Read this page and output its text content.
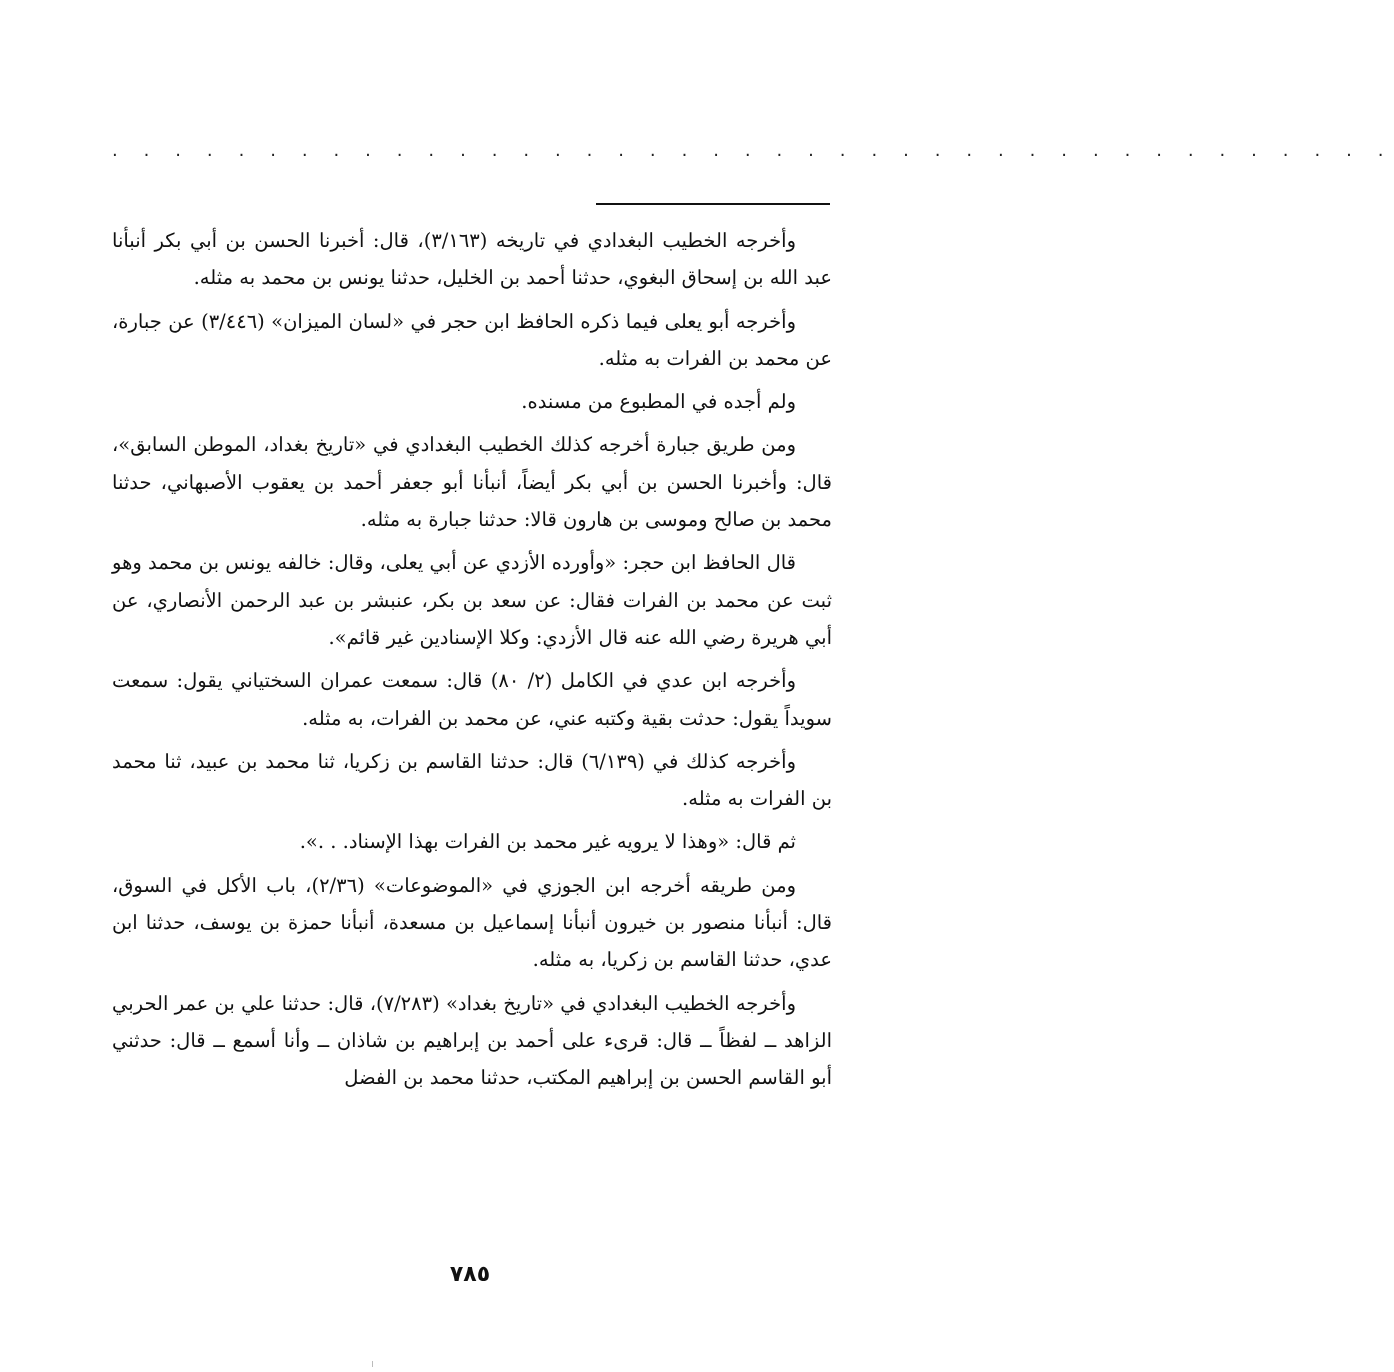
. . . . . . . . . . . . . . . . . . . . . . . . . . . . . . . . . . . . . . . . .

وأخرجه الخطيب البغدادي في تاريخه (٣/١٦٣)، قال: أخبرنا الحسن بن أبي بكر أنبأنا عبد الله بن إسحاق البغوي، حدثنا أحمد بن الخليل، حدثنا يونس بن محمد به مثله.

وأخرجه أبو يعلى فيما ذكره الحافظ ابن حجر في «لسان الميزان» (٣/٤٤٦) عن جبارة، عن محمد بن الفرات به مثله.

ولم أجده في المطبوع من مسنده.

ومن طريق جبارة أخرجه كذلك الخطيب البغدادي في «تاريخ بغداد، الموطن السابق»، قال: وأخبرنا الحسن بن أبي بكر أيضاً، أنبأنا أبو جعفر أحمد بن يعقوب الأصبهاني، حدثنا محمد بن صالح وموسى بن هارون قالا: حدثنا جبارة به مثله.

قال الحافظ ابن حجر: «وأورده الأزدي عن أبي يعلى، وقال: خالفه يونس بن محمد وهو ثبت عن محمد بن الفرات فقال: عن سعد بن بكر، عنبشر بن عبد الرحمن الأنصاري، عن أبي هريرة رضي الله عنه قال الأزدي: وكلا الإسنادين غير قائم».

وأخرجه ابن عدي في الكامل (٢/ ٨٠) قال: سمعت عمران السختياني يقول: سمعت سويداً يقول: حدثت بقية وكتبه عني، عن محمد بن الفرات، به مثله.

وأخرجه كذلك في (٦/١٣٩) قال: حدثنا القاسم بن زكريا، ثنا محمد بن عبيد، ثنا محمد بن الفرات به مثله.

ثم قال: «وهذا لا يرويه غير محمد بن الفرات بهذا الإسناد. . .».

ومن طريقه أخرجه ابن الجوزي في «الموضوعات» (٢/٣٦)، باب الأكل في السوق، قال: أنبأنا منصور بن خيرون أنبأنا إسماعيل بن مسعدة، أنبأنا حمزة بن يوسف، حدثنا ابن عدي، حدثنا القاسم بن زكريا، به مثله.

وأخرجه الخطيب البغدادي في «تاريخ بغداد» (٧/٢٨٣)، قال: حدثنا علي بن عمر الحربي الزاهد ــ لفظاً ــ قال: قرىء على أحمد بن إبراهيم بن شاذان ــ وأنا أسمع ــ قال: حدثني أبو القاسم الحسن بن إبراهيم المكتب، حدثنا محمد بن الفضل

٧٨٥
